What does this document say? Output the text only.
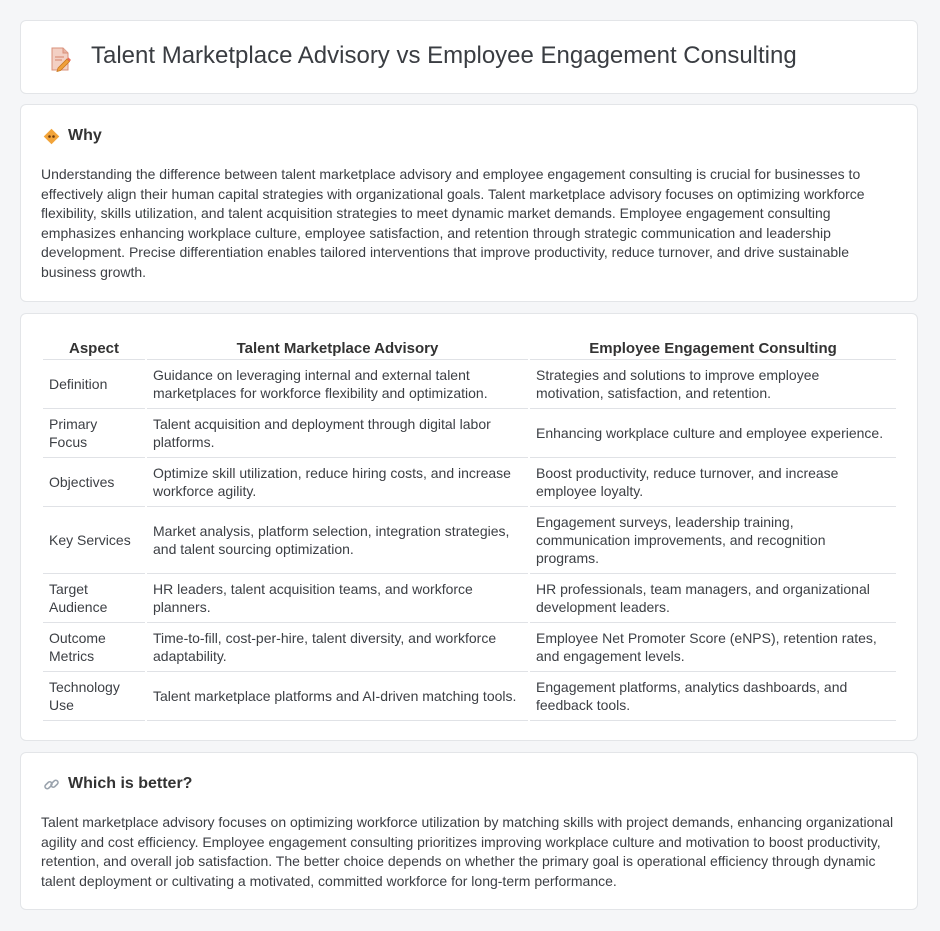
Talent Marketplace Advisory vs Employee Engagement Consulting
Why

Understanding the difference between talent marketplace advisory and employee engagement consulting is crucial for businesses to effectively align their human capital strategies with organizational goals. Talent marketplace advisory focuses on optimizing workforce flexibility, skills utilization, and talent acquisition strategies to meet dynamic market demands. Employee engagement consulting emphasizes enhancing workplace culture, employee satisfaction, and retention through strategic communication and leadership development. Precise differentiation enables tailored interventions that improve productivity, reduce turnover, and drive sustainable business growth.

Aspect	Talent Marketplace Advisory	Employee Engagement Consulting
Definition	Guidance on leveraging internal and external talent marketplaces for workforce flexibility and optimization.	Strategies and solutions to improve employee motivation, satisfaction, and retention.
Primary Focus	Talent acquisition and deployment through digital labor platforms.	Enhancing workplace culture and employee experience.
Objectives	Optimize skill utilization, reduce hiring costs, and increase workforce agility.	Boost productivity, reduce turnover, and increase employee loyalty.
Key Services	Market analysis, platform selection, integration strategies, and talent sourcing optimization.	Engagement surveys, leadership training, communication improvements, and recognition programs.
Target Audience	HR leaders, talent acquisition teams, and workforce planners.	HR professionals, team managers, and organizational development leaders.
Outcome Metrics	Time-to-fill, cost-per-hire, talent diversity, and workforce adaptability.	Employee Net Promoter Score (eNPS), retention rates, and engagement levels.
Technology Use	Talent marketplace platforms and AI-driven matching tools.	Engagement platforms, analytics dashboards, and feedback tools.
Which is better?

Talent marketplace advisory focuses on optimizing workforce utilization by matching skills with project demands, enhancing organizational agility and cost efficiency. Employee engagement consulting prioritizes improving workplace culture and motivation to boost productivity, retention, and overall job satisfaction. The better choice depends on whether the primary goal is operational efficiency through dynamic talent deployment or cultivating a motivated, committed workforce for long-term performance.
